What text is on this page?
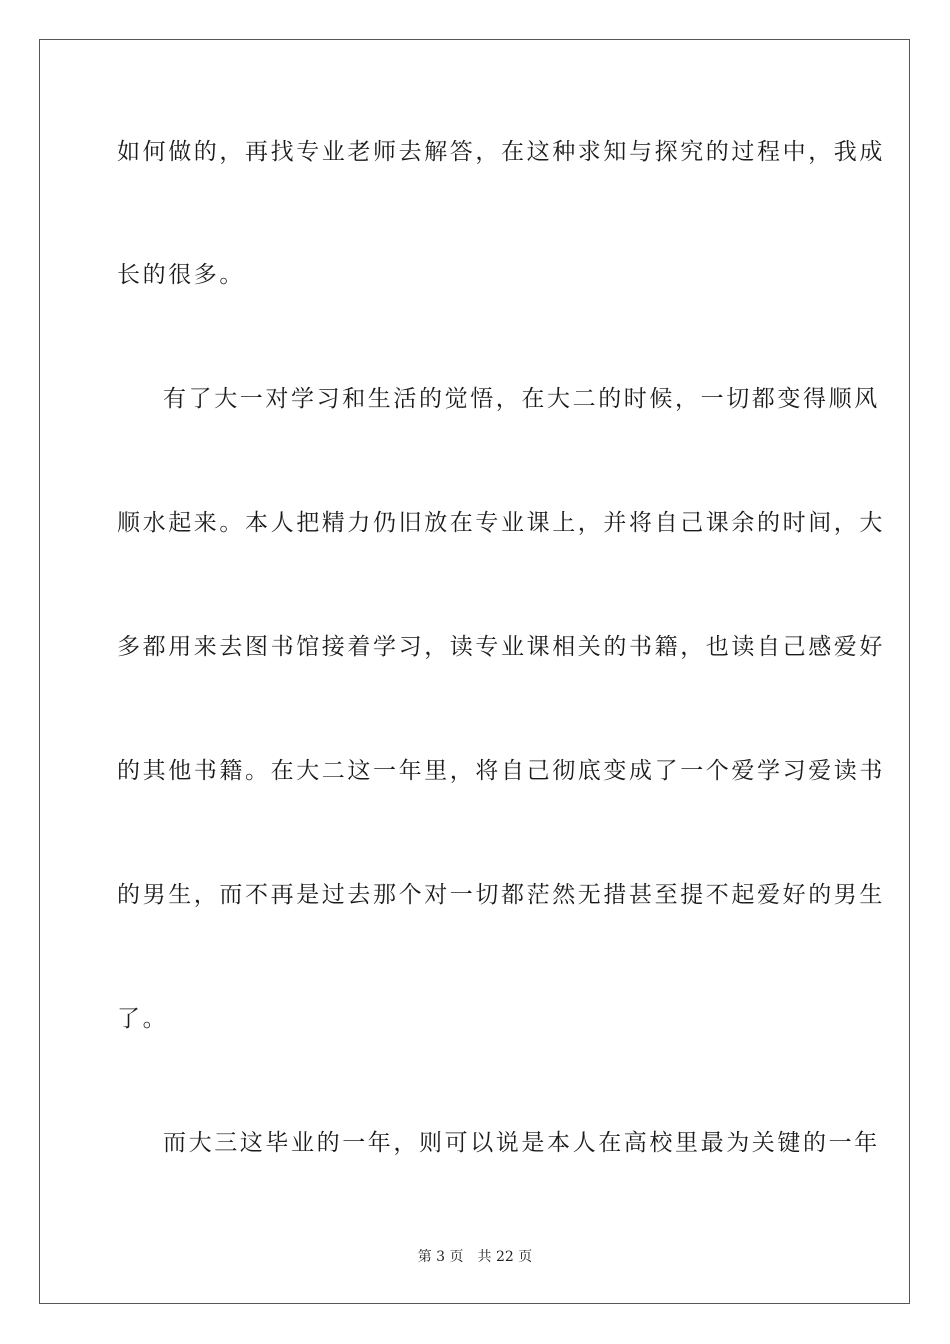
如何做的，再找专业老师去解答，在这种求知与探究的过程中，我成
长的很多。
有了大一对学习和生活的觉悟，在大二的时候，一切都变得顺风
顺水起来。本人把精力仍旧放在专业课上，并将自己课余的时间，大
多都用来去图书馆接着学习，读专业课相关的书籍，也读自己感爱好
的其他书籍。在大二这一年里，将自己彻底变成了一个爱学习爱读书
的男生，而不再是过去那个对一切都茫然无措甚至提不起爱好的男生
了。
而大三这毕业的一年，则可以说是本人在高校里最为关键的一年
第 3 页 共 22 页
